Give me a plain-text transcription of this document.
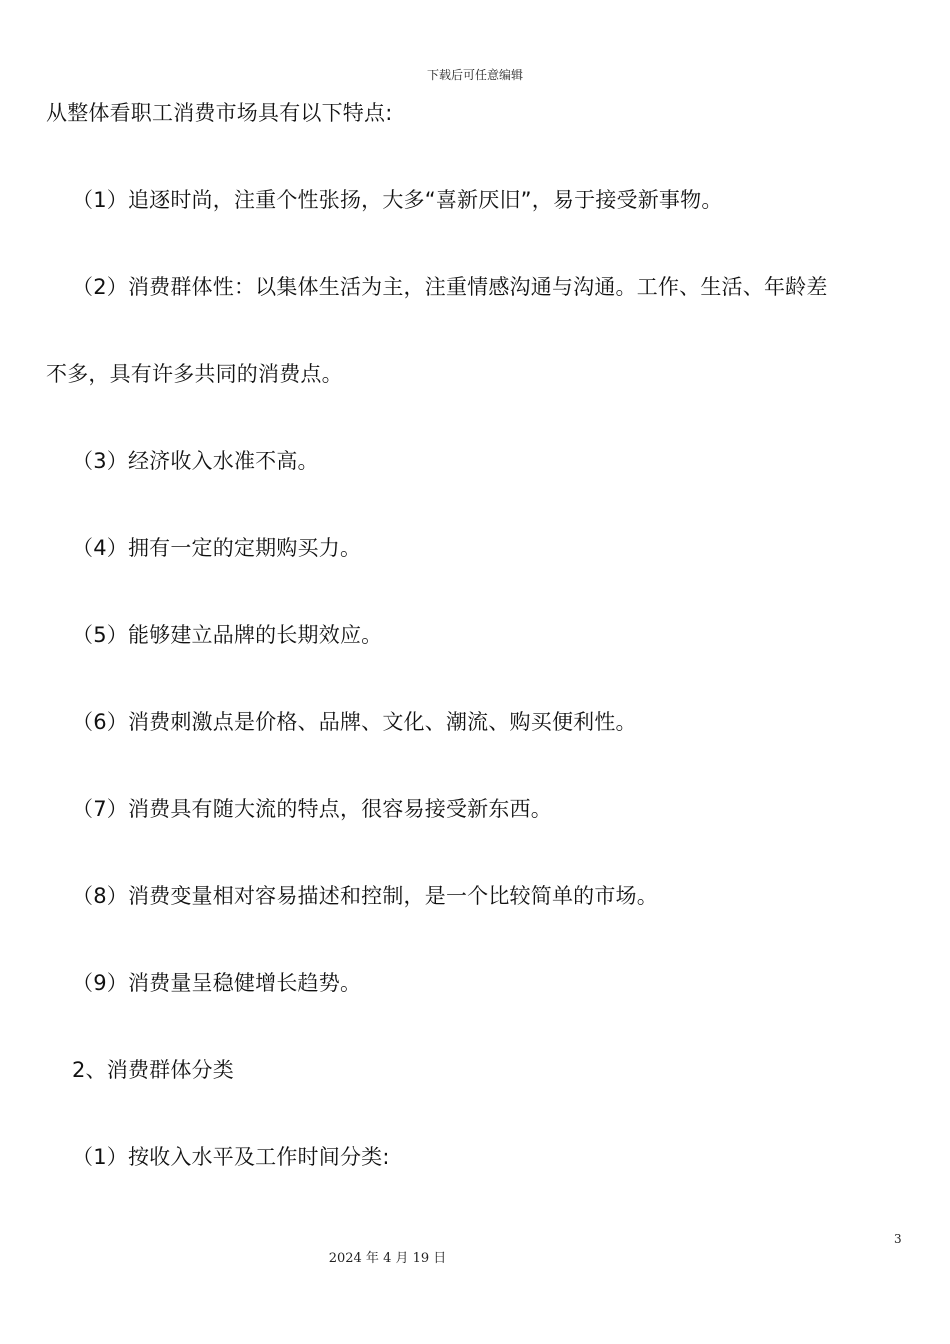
下载后可任意编辑
从整体看职工消费市场具有以下特点:
（1）追逐时尚，注重个性张扬，大多“喜新厌旧”，易于接受新事物。
（2）消费群体性：以集体生活为主，注重情感沟通与沟通。工作、生活、年龄差
不多，具有许多共同的消费点。
（3）经济收入水准不高。
（4）拥有一定的定期购买力。
（5）能够建立品牌的长期效应。
（6）消费刺激点是价格、品牌、文化、潮流、购买便利性。
（7）消费具有随大流的特点，很容易接受新东西。
（8）消费变量相对容易描述和控制，是一个比较简单的市场。
（9）消费量呈稳健增长趋势。
2、消费群体分类
（1）按收入水平及工作时间分类:
3
2024 年 4 月 19 日
